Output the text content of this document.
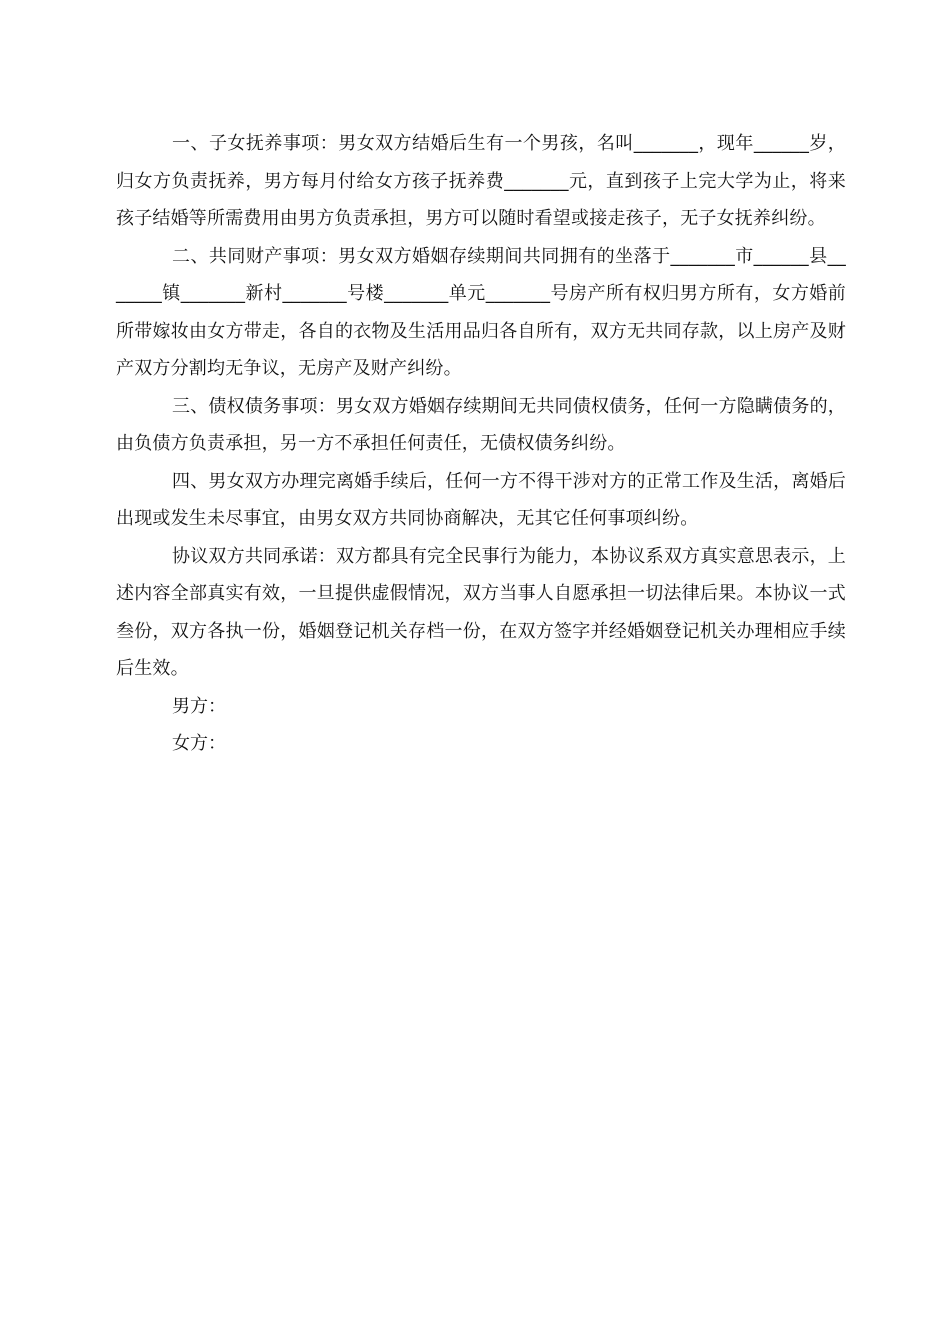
一、子女抚养事项：男女双方结婚后生有一个男孩，名叫_______，现年______岁，归女方负责抚养，男方每月付给女方孩子抚养费_______元，直到孩子上完大学为止，将来孩子结婚等所需费用由男方负责承担，男方可以随时看望或接走孩子，无子女抚养纠纷。

二、共同财产事项：男女双方婚姻存续期间共同拥有的坐落于_______市______县_______镇_______新村_______号楼_______单元_______号房产所有权归男方所有，女方婚前所带嫁妆由女方带走，各自的衣物及生活用品归各自所有，双方无共同存款，以上房产及财产双方分割均无争议，无房产及财产纠纷。

三、债权债务事项：男女双方婚姻存续期间无共同债权债务，任何一方隐瞒债务的，由负债方负责承担，另一方不承担任何责任，无债权债务纠纷。

四、男女双方办理完离婚手续后，任何一方不得干涉对方的正常工作及生活，离婚后出现或发生未尽事宜，由男女双方共同协商解决，无其它任何事项纠纷。

协议双方共同承诺：双方都具有完全民事行为能力，本协议系双方真实意思表示，上述内容全部真实有效，一旦提供虚假情况，双方当事人自愿承担一切法律后果。本协议一式叁份，双方各执一份，婚姻登记机关存档一份，在双方签字并经婚姻登记机关办理相应手续后生效。

男方：

女方：
